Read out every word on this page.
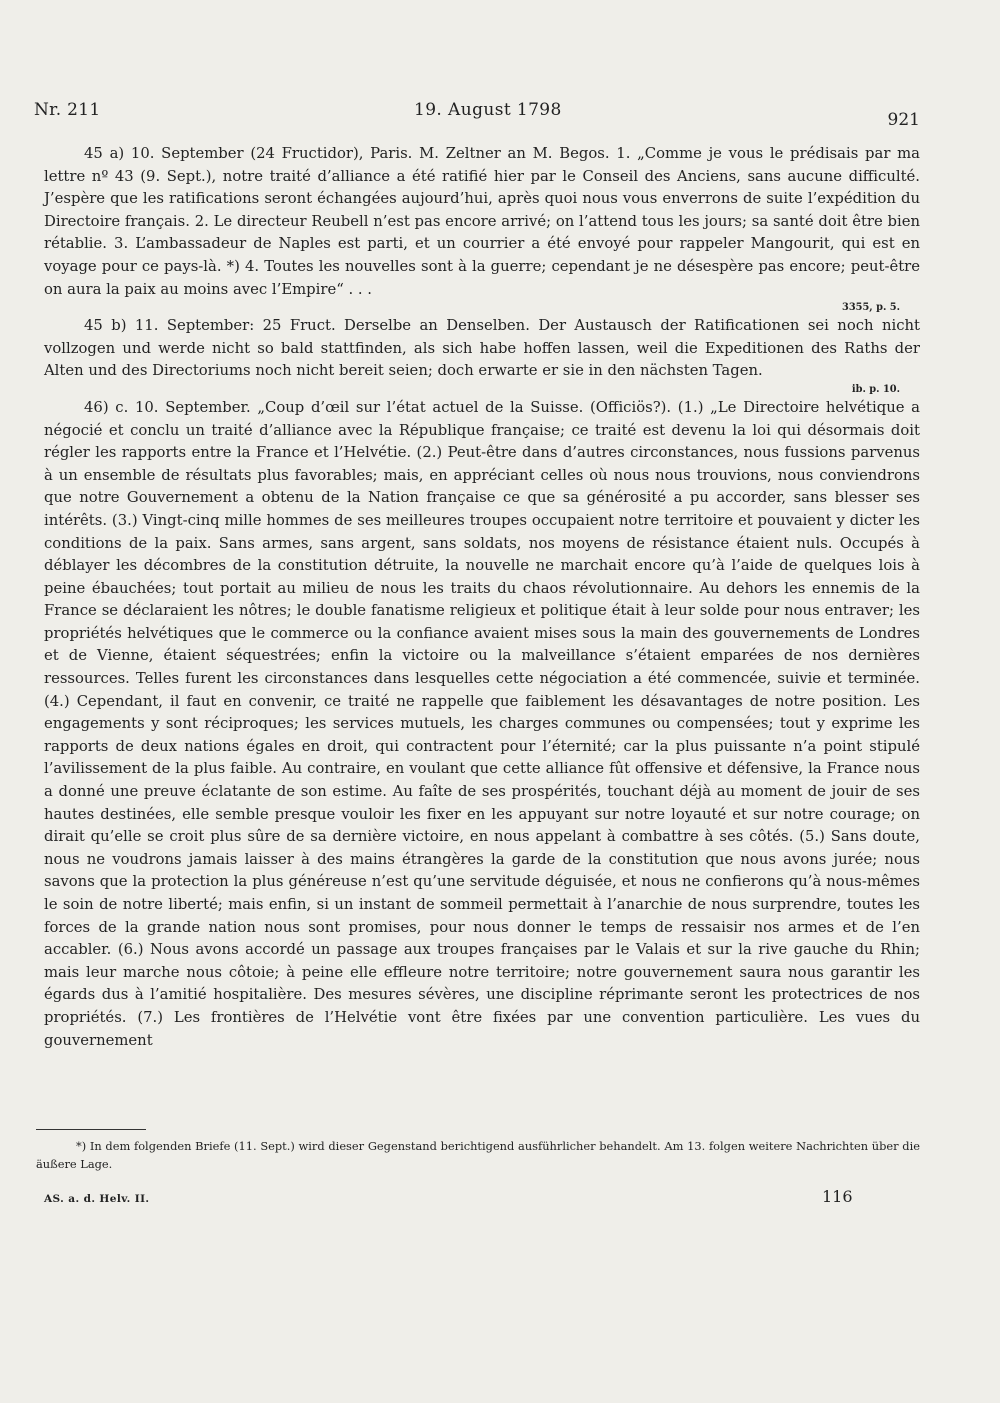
Nr. 211	19. August 1798	921

45 a) 10. September (24 Fructidor), Paris. M. Zeltner an M. Begos. 1. „Comme je vous le prédisais par ma lettre nº 43 (9. Sept.), notre traité d’alliance a été ratifié hier par le Conseil des Anciens, sans aucune difficulté. J’espère que les ratifications seront échangées aujourd’hui, après quoi nous vous enverrons de suite l’expédition du Directoire français. 2. Le directeur Reubell n’est pas encore arrivé; on l’attend tous les jours; sa santé doit être bien rétablie. 3. L’ambassadeur de Naples est parti, et un courrier a été envoyé pour rappeler Mangourit, qui est en voyage pour ce pays-là. *) 4. Toutes les nouvelles sont à la guerre; cependant je ne désespère pas encore; peut-être on aura la paix au moins avec l’Empire“ . . .

3355, p. 5.

45 b) 11. September: 25 Fruct. Derselbe an Denselben. Der Austausch der Ratificationen sei noch nicht vollzogen und werde nicht so bald stattfinden, als sich habe hoffen lassen, weil die Expeditionen des Raths der Alten und des Directoriums noch nicht bereit seien; doch erwarte er sie in den nächsten Tagen.

ib. p. 10.

46) c. 10. September. „Coup d’œil sur l’état actuel de la Suisse. (Officiös?). (1.) „Le Directoire helvétique a négocié et conclu un traité d’alliance avec la République française; ce traité est devenu la loi qui désormais doit régler les rapports entre la France et l’Helvétie. (2.) Peut-être dans d’autres circonstances, nous fussions parvenus à un ensemble de résultats plus favorables; mais, en appréciant celles où nous nous trouvions, nous conviendrons que notre Gouvernement a obtenu de la Nation française ce que sa générosité a pu accorder, sans blesser ses intérêts. (3.) Vingt-cinq mille hommes de ses meilleures troupes occupaient notre territoire et pouvaient y dicter les conditions de la paix. Sans armes, sans argent, sans soldats, nos moyens de résistance étaient nuls. Occupés à déblayer les décombres de la constitution détruite, la nouvelle ne marchait encore qu’à l’aide de quelques lois à peine ébauchées; tout portait au milieu de nous les traits du chaos révolutionnaire. Au dehors les ennemis de la France se déclaraient les nôtres; le double fanatisme religieux et politique était à leur solde pour nous entraver; les propriétés helvétiques que le commerce ou la confiance avaient mises sous la main des gouvernements de Londres et de Vienne, étaient séquestrées; enfin la victoire ou la malveillance s’étaient emparées de nos dernières ressources. Telles furent les circonstances dans lesquelles cette négociation a été commencée, suivie et terminée. (4.) Cependant, il faut en convenir, ce traité ne rappelle que faiblement les désavantages de notre position. Les engagements y sont réciproques; les services mutuels, les charges communes ou compensées; tout y exprime les rapports de deux nations égales en droit, qui contractent pour l’éternité; car la plus puissante n’a point stipulé l’avilissement de la plus faible. Au contraire, en voulant que cette alliance fût offensive et défensive, la France nous a donné une preuve éclatante de son estime. Au faîte de ses prospérités, touchant déjà au moment de jouir de ses hautes destinées, elle semble presque vouloir les fixer en les appuyant sur notre loyauté et sur notre courage; on dirait qu’elle se croit plus sûre de sa dernière victoire, en nous appelant à combattre à ses côtés. (5.) Sans doute, nous ne voudrons jamais laisser à des mains étrangères la garde de la constitution que nous avons jurée; nous savons que la protection la plus généreuse n’est qu’une servitude déguisée, et nous ne confierons qu’à nous-mêmes le soin de notre liberté; mais enfin, si un instant de sommeil permettait à l’anarchie de nous surprendre, toutes les forces de la grande nation nous sont promises, pour nous donner le temps de ressaisir nos armes et de l’en accabler. (6.) Nous avons accordé un passage aux troupes françaises par le Valais et sur la rive gauche du Rhin; mais leur marche nous côtoie; à peine elle effleure notre territoire; notre gouvernement saura nous garantir les égards dus à l’amitié hospitalière. Des mesures sévères, une discipline réprimante seront les protectrices de nos propriétés. (7.) Les frontières de l’Helvétie vont être fixées par une convention particulière. Les vues du gouvernement

*) In dem folgenden Briefe (11. Sept.) wird dieser Gegenstand berichtigend ausführlicher behandelt. Am 13. folgen weitere Nachrichten über die äußere Lage.

AS. a. d. Helv. II.	116
